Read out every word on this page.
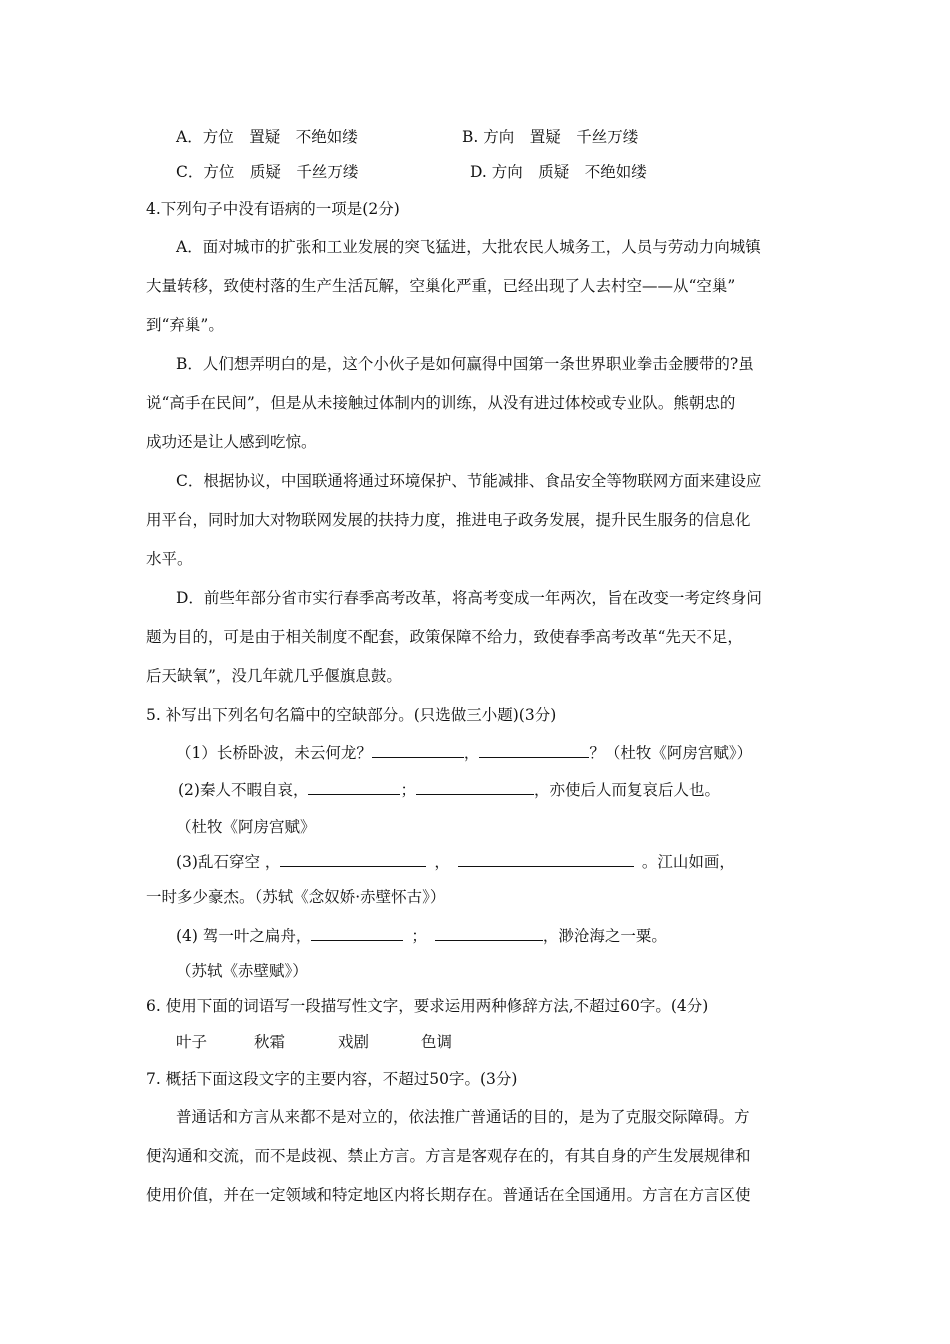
A．方位　置疑　不绝如缕	B. 方向　置疑　千丝万缕
C．方位　质疑　千丝万缕	D. 方向　质疑　不绝如缕
4.下列句子中没有语病的一项是(2分)
A．面对城市的扩张和工业发展的突飞猛进，大批农民人城务工，人员与劳动力向城镇
大量转移，致使村落的生产生活瓦解，空巢化严重，已经出现了人去村空——从“空巢”
到“弃巢”。
B．人们想弄明白的是，这个小伙子是如何赢得中国第一条世界职业拳击金腰带的?虽
说“高手在民间”，但是从未接触过体制内的训练，从没有进过体校或专业队。熊朝忠的
成功还是让人感到吃惊。
C．根据协议，中国联通将通过环境保护、节能减排、食品安全等物联网方面来建设应
用平台，同时加大对物联网发展的扶持力度，推进电子政务发展，提升民生服务的信息化
水平。
D．前些年部分省市实行春季高考改革，将高考变成一年两次，旨在改变一考定终身问
题为目的，可是由于相关制度不配套，政策保障不给力，致使春季高考改革“先天不足，
后天缺氧”，没几年就几乎偃旗息鼓。
5. 补写出下列名句名篇中的空缺部分。(只选做三小题)(3分)
（1）长桥卧波，未云何龙？	，	？（杜牧《阿房宫赋》）
(2)秦人不暇自哀，	；	，亦使后人而复哀后人也。
（杜牧《阿房宫赋》
(3)乱石穿空 ，	，	。江山如画，
一时多少豪杰。（苏轼《念奴娇·赤壁怀古》）
(4) 驾一叶之扁舟，	；	，渺沧海之一粟。
（苏轼《赤壁赋》）
6. 使用下面的词语写一段描写性文字，要求运用两种修辞方法,不超过60字。(4分)
叶子	秋霜	戏剧	色调
7. 概括下面这段文字的主要内容，不超过50字。(3分)
普通话和方言从来都不是对立的，依法推广普通话的目的，是为了克服交际障碍。方
便沟通和交流，而不是歧视、禁止方言。方言是客观存在的，有其自身的产生发展规律和
使用价值，并在一定领域和特定地区内将长期存在。普通话在全国通用。方言在方言区使
